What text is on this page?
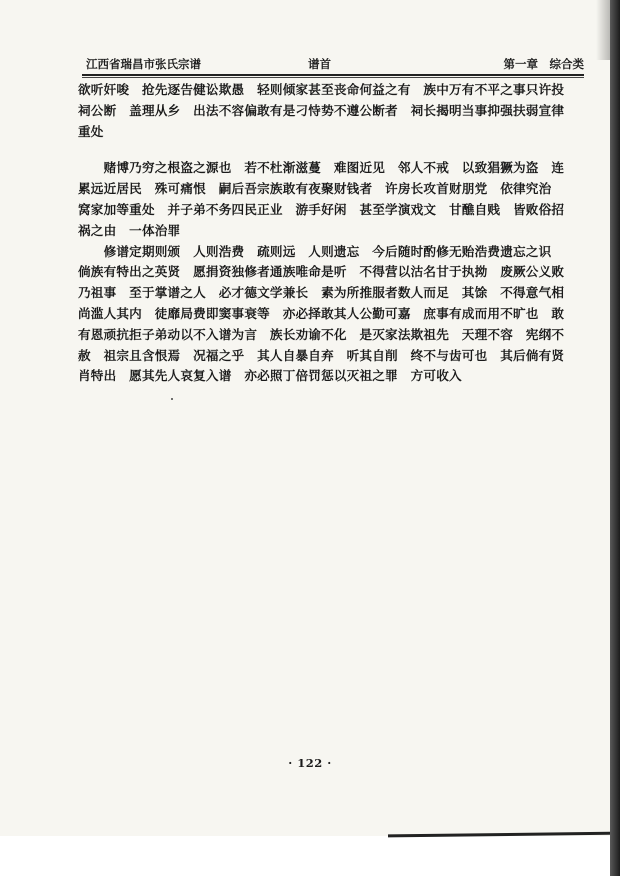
江西省瑞昌市张氏宗谱	谱首	第一章　综合类
欲听奸唆　抢先逐告健讼欺愚　轻则倾家甚至丧命何益之有　族中万有不平之事只许投
祠公断　盖理从乡　出法不容偏敢有是刁恃势不遵公断者　祠长揭明当事抑强扶弱宣律
重处
　　赌博乃穷之根盗之源也　若不杜渐滋蔓　难图近见　邻人不戒　以致猖獗为盗　连
累远近居民　殊可痛恨　嗣后吾宗族敢有夜聚财钱者　许房长攻首财朋党　依律究治
窝家加等重处　并子弟不务四民正业　游手好闲　甚至学演戏文　甘醮自贱　皆败俗招
祸之由　一体治罪
　　修谱定期则颁　人则浩费　疏则远　人则遗忘　今后随时酌修无贻浩费遗忘之识
倘族有特出之英贤　愿捐资独修者通族唯命是听　不得营以沽名甘于执拗　废厥公义败
乃祖事　至于掌谱之人　必才德文学兼长　素为所推服者数人而足　其馀　不得意气相
尚滥人其内　徒靡局费即窦事衰等　亦必择敢其人公勤可嘉　庶事有成而用不旷也　敢
有恩顽抗拒子弟动以不入谱为言　族长劝谕不化　是灭家法欺祖先　天理不容　宪纲不
赦　祖宗且含恨焉　况福之乎　其人自暴自弃　听其自削　终不与齿可也　其后倘有贤
肖特出　愿其先人哀复入谱　亦必照丁倍罚惩以灭祖之罪　方可收入
· 122 ·
